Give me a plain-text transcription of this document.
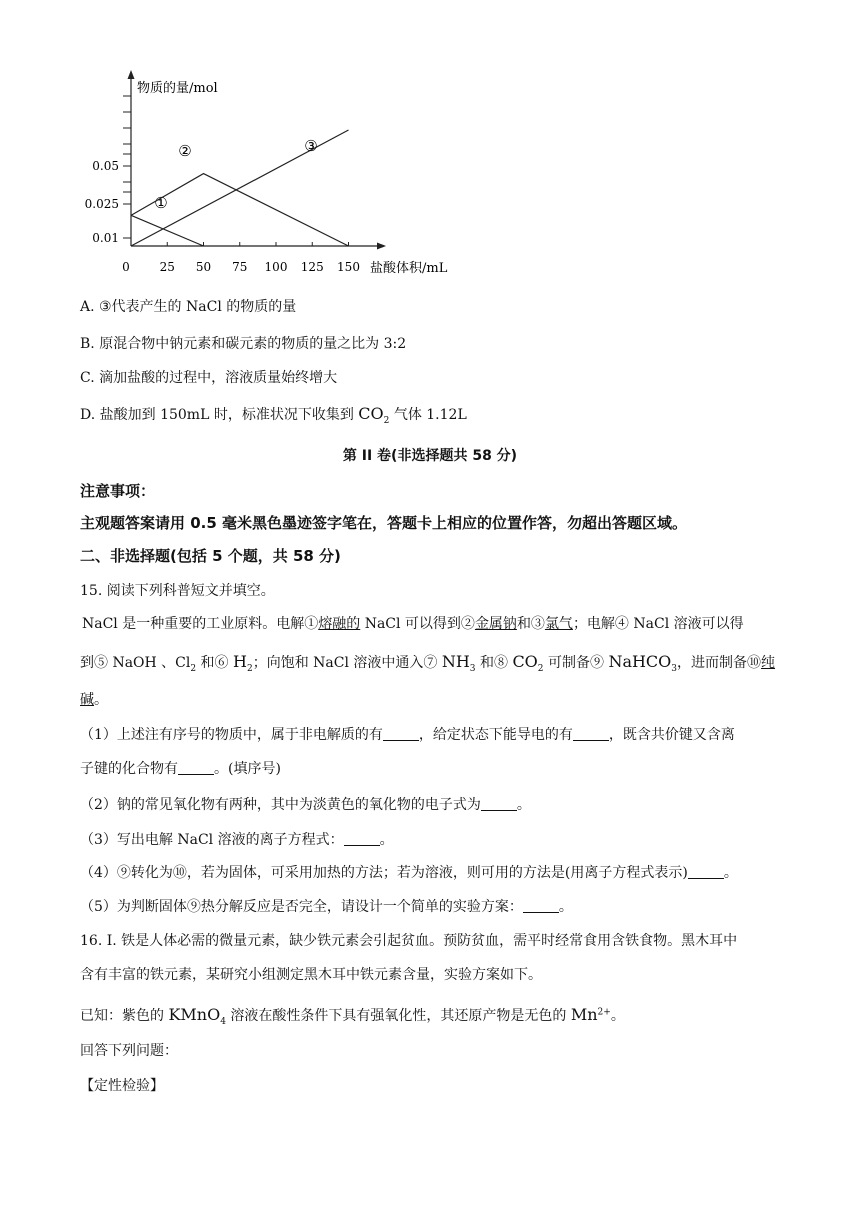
0.01
0.025
0.05
25 50 75 100 125 150
①
②	③
物质的量/mol
盐酸体积/mL
0
A. ③代表产生的 NaCl 的物质的量
B. 原混合物中钠元素和碳元素的物质的量之比为 3:2
C. 滴加盐酸的过程中，溶液质量始终增大
D. 盐酸加到 150mL 时，标准状况下收集到 $CO_2$ 气体 1.12L
第 II 卷(非选择题共 58 分)
注意事项：
主观题答案请用 0.5 毫米黑色墨迹签字笔在，答题卡上相应的位置作答，勿超出答题区域。
二、非选择题(包括 5 个题，共 58 分)
15. 阅读下列科普短文并填空。
NaCl 是一种重要的工业原料。电解①熔融的 NaCl 可以得到②金属钠和③氯气；电解④ NaCl 溶液可以得
到⑤ NaOH 、$Cl_2$ 和⑥ $H_2$；向饱和 NaCl 溶液中通入⑦ $NH_3$ 和⑧ $CO_2$ 可制备⑨ NaHCO$_3$，进而制备⑩纯
碱。
（1）上述注有序号的物质中，属于非电解质的有	，给定状态下能导电的有	，既含共价键又含离
子键的化合物有	。(填序号)
（2）钠的常见氧化物有两种，其中为淡黄色的氧化物的电子式为	。
（3）写出电解 NaCl 溶液的离子方程式：	。
（4）⑨转化为⑩，若为固体，可采用加热的方法；若为溶液，则可用的方法是(用离子方程式表示)	。
（5）为判断固体⑨热分解反应是否完全，请设计一个简单的实验方案：	。
16. I. 铁是人体必需的微量元素，缺少铁元素会引起贫血。预防贫血，需平时经常食用含铁食物。黑木耳中
含有丰富的铁元素，某研究小组测定黑木耳中铁元素含量，实验方案如下。
已知：紫色的 KMnO$_4$ 溶液在酸性条件下具有强氧化性，其还原产物是无色的 $Mn^{2+}$。
回答下列问题：
【定性检验】
